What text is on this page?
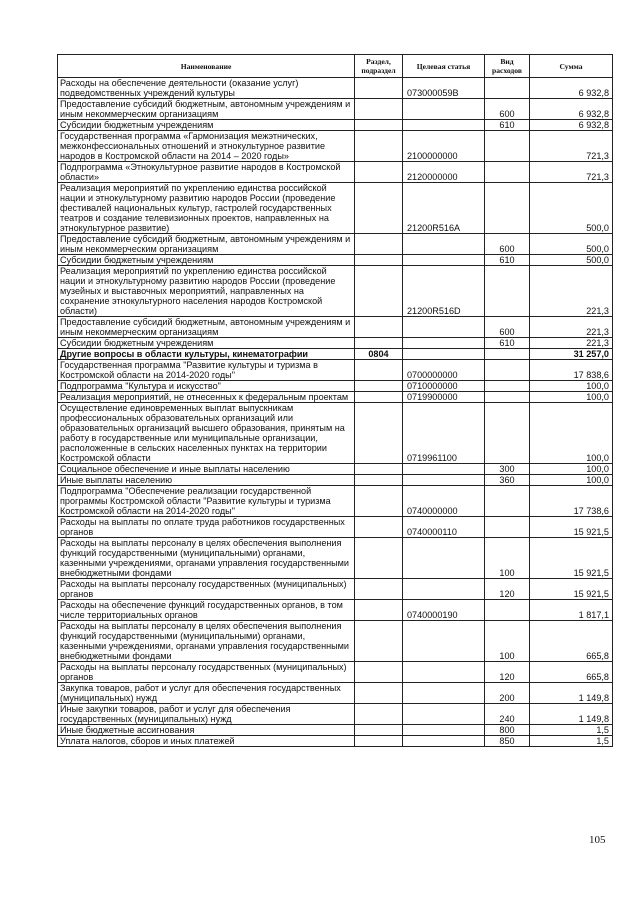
Наименование	Раздел, подраздел	Целевая статья	Вид расходов	Сумма
Расходы на обеспечение деятельности (оказание услуг) подведомственных учреждений культуры		073000059В		6 932,8
Предоставление субсидий бюджетным, автономным учреждениям и иным некоммерческим организациям			600	6 932,8
Субсидии бюджетным учреждениям			610	6 932,8
Государственная программа «Гармонизация межэтнических, межконфессиональных отношений и этнокультурное развитие народов в Костромской области на 2014 – 2020 годы»		2100000000		721,3
Подпрограмма «Этнокультурное развитие народов в Костромской области»		2120000000		721,3
Реализация мероприятий по укреплению единства российской нации и этнокультурному развитию народов России (проведение фестивалей национальных культур, гастролей государственных театров и создание телевизионных проектов, направленных на этнокультурное развитие)		21200R516A		500,0
Предоставление субсидий бюджетным, автономным учреждениям и иным некоммерческим организациям			600	500,0
Субсидии бюджетным учреждениям			610	500,0
Реализация мероприятий по укреплению единства российской нации и этнокультурному развитию народов России (проведение музейных и выставочных мероприятий, направленных на сохранение этнокультурного населения народов Костромской области)		21200R516D		221,3
Предоставление субсидий бюджетным, автономным учреждениям и иным некоммерческим организациям			600	221,3
Субсидии бюджетным учреждениям			610	221,3
Другие вопросы в области культуры, кинематографии	0804			31 257,0
Государственная программа "Развитие культуры и туризма в Костромской области на 2014-2020 годы"		0700000000		17 838,6
Подпрограмма "Культура и искусство"		0710000000		100,0
Реализация мероприятий, не отнесенных к федеральным проектам		0719900000		100,0
Осуществление единовременных выплат выпускникам профессиональных образовательных организаций или образовательных организаций высшего образования, принятым на работу в государственные или муниципальные организации, расположенные в сельских населенных пунктах на территории Костромской области		0719961100		100,0
Социальное обеспечение и иные выплаты населению			300	100,0
Иные выплаты населению			360	100,0
Подпрограмма "Обеспечение реализации государственной программы Костромской области "Развитие культуры и туризма Костромской области на 2014-2020 годы"		0740000000		17 738,6
Расходы на выплаты по оплате труда работников государственных органов		0740000110		15 921,5
Расходы на выплаты персоналу в целях обеспечения выполнения функций государственными (муниципальными) органами, казенными учреждениями, органами управления государственными внебюджетными фондами			100	15 921,5
Расходы на выплаты персоналу государственных (муниципальных) органов			120	15 921,5
Расходы на обеспечение функций государственных органов, в том числе территориальных органов		0740000190		1 817,1
Расходы на выплаты персоналу в целях обеспечения выполнения функций государственными (муниципальными) органами, казенными учреждениями, органами управления государственными внебюджетными фондами			100	665,8
Расходы на выплаты персоналу государственных (муниципальных) органов			120	665,8
Закупка товаров, работ и услуг для обеспечения государственных (муниципальных) нужд			200	1 149,8
Иные закупки товаров, работ и услуг для обеспечения государственных (муниципальных) нужд			240	1 149,8
Иные бюджетные ассигнования			800	1,5
Уплата налогов, сборов и иных платежей			850	1,5
105
